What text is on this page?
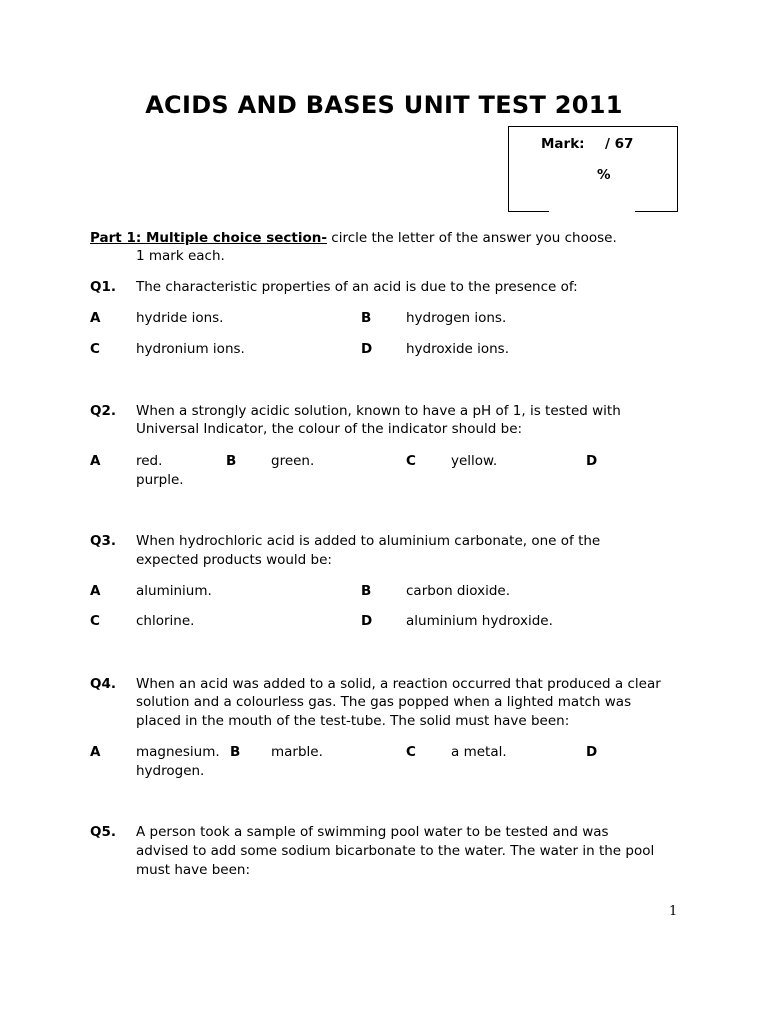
ACIDS AND BASES UNIT TEST 2011
Mark: / 67
%
Part 1: Multiple choice section- circle the letter of the answer you choose.
1 mark each.
Q1. The characteristic properties of an acid is due to the presence of:
A	hydride ions.	B	hydrogen ions.
C	hydronium ions.	D	hydroxide ions.
Q2. When a strongly acidic solution, known to have a pH of 1, is tested with
Universal Indicator, the colour of the indicator should be:
A	red.	B	green.	C	yellow.	D
purple.
Q3. When hydrochloric acid is added to aluminium carbonate, one of the
expected products would be:
A	aluminium.	B	carbon dioxide.
C	chlorine.	D	aluminium hydroxide.
Q4. When an acid was added to a solid, a reaction occurred that produced a clear
solution and a colourless gas. The gas popped when a lighted match was
placed in the mouth of the test-tube. The solid must have been:
A	magnesium. B marble.	C	a metal.	D
hydrogen.
Q5. A person took a sample of swimming pool water to be tested and was
advised to add some sodium bicarbonate to the water. The water in the pool
must have been:
1
